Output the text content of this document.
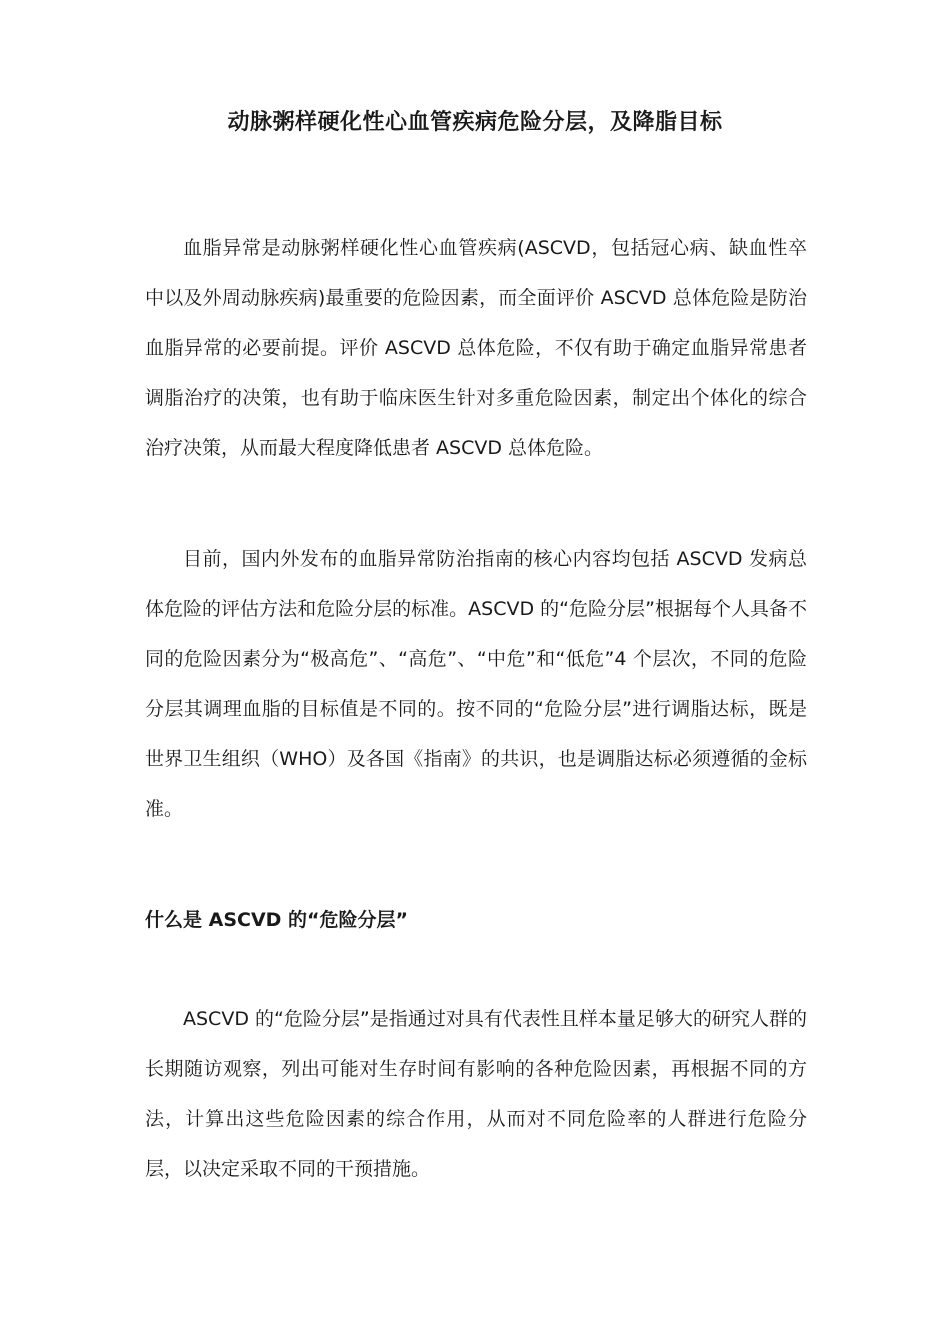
动脉粥样硬化性心血管疾病危险分层，及降脂目标

血脂异常是动脉粥样硬化性心血管疾病(ASCVD，包括冠心病、缺血性卒中以及外周动脉疾病)最重要的危险因素，而全面评价 ASCVD 总体危险是防治血脂异常的必要前提。评价 ASCVD 总体危险，不仅有助于确定血脂异常患者调脂治疗的决策，也有助于临床医生针对多重危险因素，制定出个体化的综合治疗决策，从而最大程度降低患者 ASCVD 总体危险。

目前，国内外发布的血脂异常防治指南的核心内容均包括 ASCVD 发病总体危险的评估方法和危险分层的标准。ASCVD 的“危险分层”根据每个人具备不同的危险因素分为“极高危”、“高危”、“中危”和“低危”4 个层次，不同的危险分层其调理血脂的目标值是不同的。按不同的“危险分层”进行调脂达标，既是世界卫生组织（WHO）及各国《指南》的共识，也是调脂达标必须遵循的金标准。

什么是 ASCVD 的“危险分层”

ASCVD 的“危险分层”是指通过对具有代表性且样本量足够大的研究人群的长期随访观察，列出可能对生存时间有影响的各种危险因素，再根据不同的方法，计算出这些危险因素的综合作用，从而对不同危险率的人群进行危险分层，以决定采取不同的干预措施。
